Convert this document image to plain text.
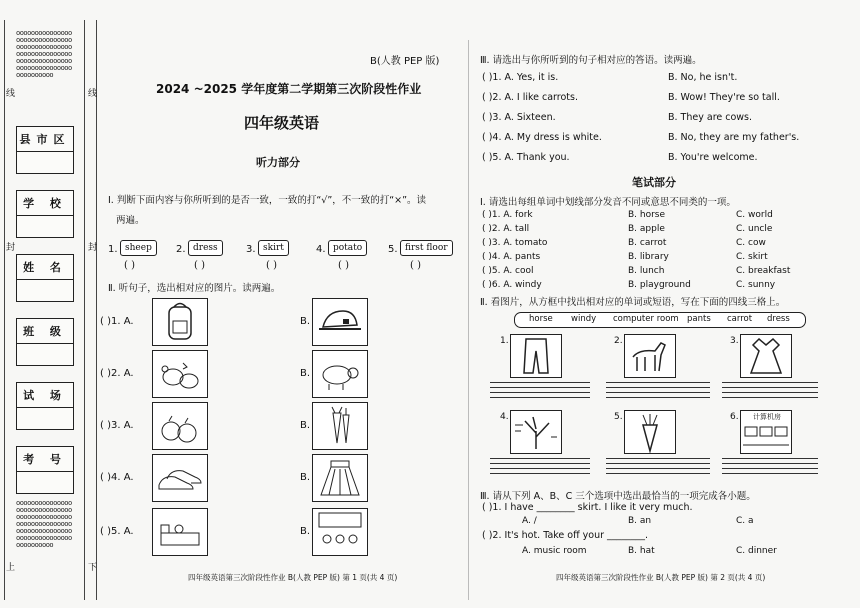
oooooooooooooooooooooooooooooooooooooooooooooooooooooooooooooooooooooooooooooooooooooooooooooooooooo
oooooooooooooooooooooooooooooooooooooooooooooooooooooooooooooooooooooooooooooooooooooooooooooooooooo
县市区
学 校
姓 名
班 级
试 场
考 号
线
封	封
线
上	下
B(人教 PEP 版)
2024 ~2025 学年度第二学期第三次阶段性作业
四年级英语
听力部分
Ⅰ. 判断下面内容与你所听到的是否一致，一致的打“√”，不一致的打“×”。读
两遍。
1. sheep
( )
2. dress
( )
3. skirt
( )
4. potato
( )
5. first floor
( )
Ⅱ. 听句子，选出相对应的图片。读两遍。
( )1. A.	B.
( )2. A.	B.
( )3. A.	B.
( )4. A.	B.
( )5. A.	B.
四年级英语第三次阶段性作业 B(人教 PEP 版) 第 1 页(共 4 页)
Ⅲ. 请选出与你所听到的句子相对应的答语。读两遍。
( )1. A. Yes, it is.	B. No, he isn't.
( )2. A. I like carrots.	B. Wow! They're so tall.
( )3. A. Sixteen.	B. They are cows.
( )4. A. My dress is white.	B. No, they are my father's.
( )5. A. Thank you.	B. You're welcome.
笔试部分
Ⅰ. 请选出每组单词中划线部分发音不同或意思不同类的一项。
( )1. A. fork	B. horse	C. world
( )2. A. tall	B. apple	C. uncle
( )3. A. tomato	B. carrot	C. cow
( )4. A. pants	B. library	C. skirt
( )5. A. cool	B. lunch	C. breakfast
( )6. A. windy	B. playground	C. sunny
Ⅱ. 看图片，从方框中找出相对应的单词或短语，写在下面的四线三格上。
horse windy computer room pants carrot dress
1.	2.	3.
4.	5.	6. 计算机房
Ⅲ. 请从下列 A、B、C 三个选项中选出最恰当的一项完成各小题。
( )1. I have ________ skirt. I like it very much.
A. /	B. an	C. a
( )2. It's hot. Take off your ________.
A. music room	B. hat	C. dinner
四年级英语第三次阶段性作业 B(人教 PEP 版) 第 2 页(共 4 页)
